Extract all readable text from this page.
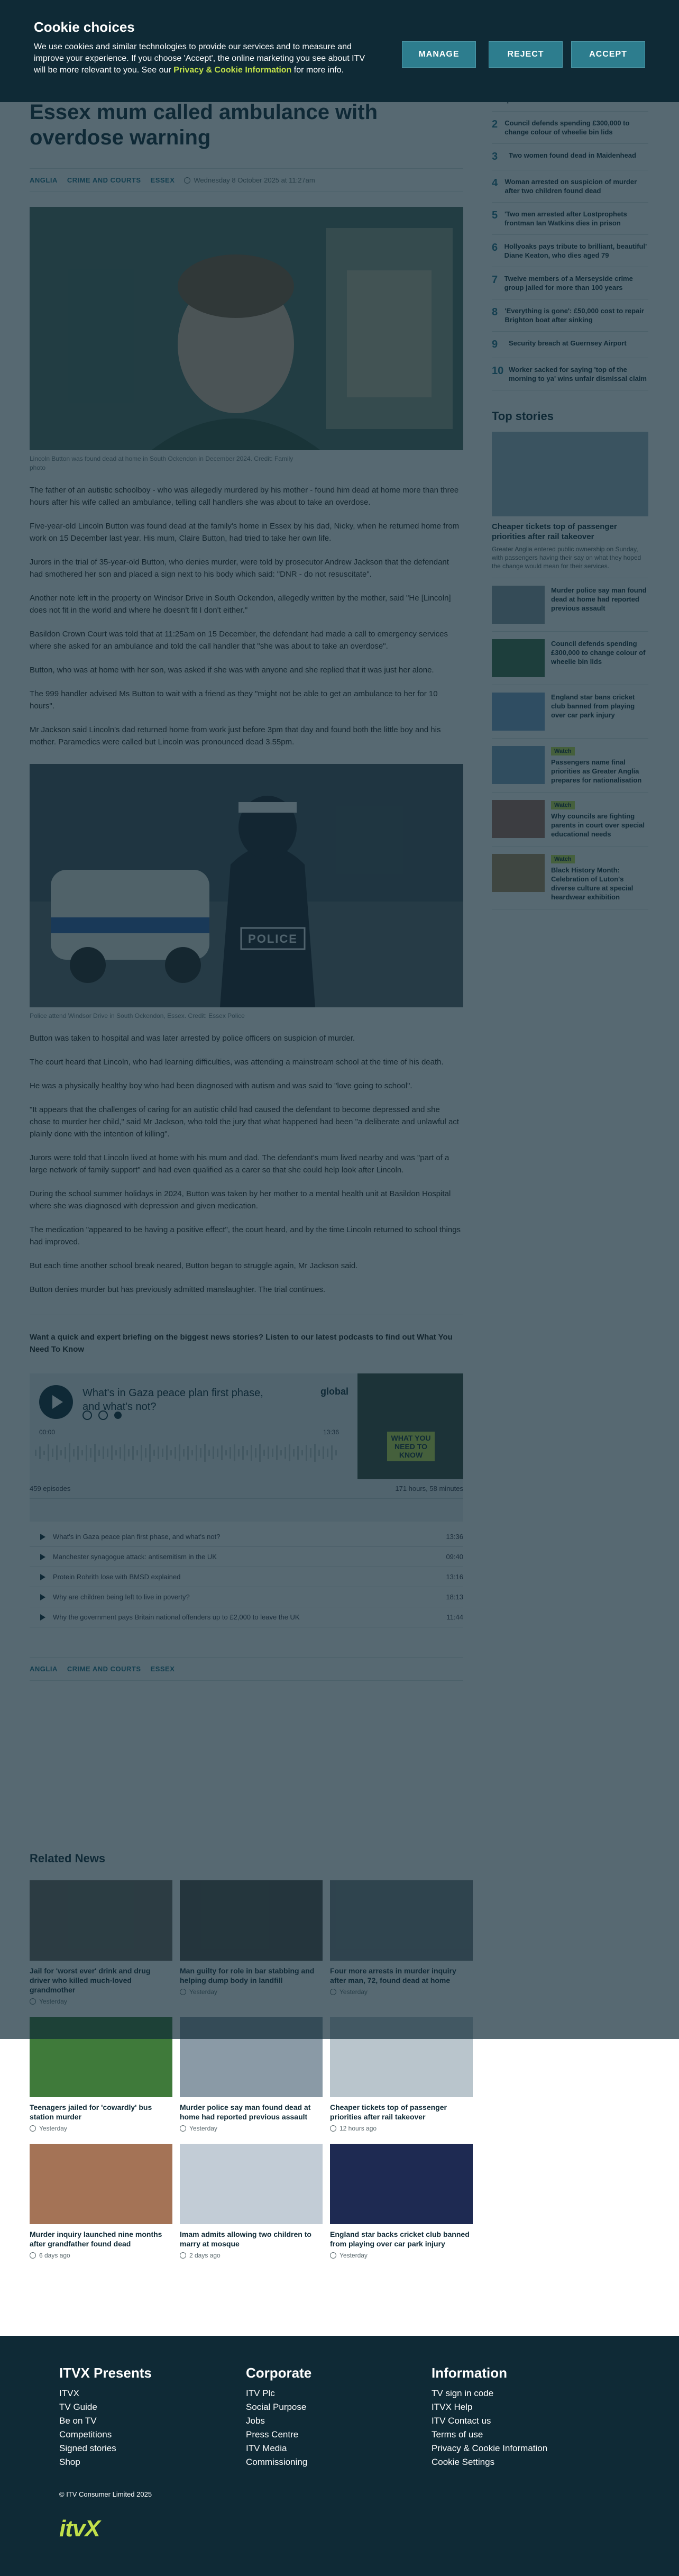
Teenagers jailed for 'cowardly' bus station murder
Yesterday
Murder police say man found dead at home had reported previous assault
Yesterday
Cheaper tickets top of passenger priorities after rail takeover
12 hours ago
Murder inquiry launched nine months after grandfather found dead
6 days ago
Imam admits allowing two children to marry at mosque
2 days ago
England star backs cricket club banned from playing over car park injury
Yesterday
ITVX Presents
ITVX
TV Guide
Be on TV
Competitions
Signed stories
Shop
Corporate
ITV Plc
Social Purpose
Jobs
Press Centre
ITV Media
Commissioning
Information
TV sign in code
ITVX Help
ITV Contact us
Terms of use
Privacy & Cookie Information
Cookie Settings
© ITV Consumer Limited 2025
itvX
Cookie choices
We use cookies and similar technologies to provide our services and to measure and improve your experience. If you choose 'Accept', the online marketing you see about ITV will be more relevant to you. See our Privacy & Cookie Information for more info.
MANAGE	REJECT	ACCEPT
